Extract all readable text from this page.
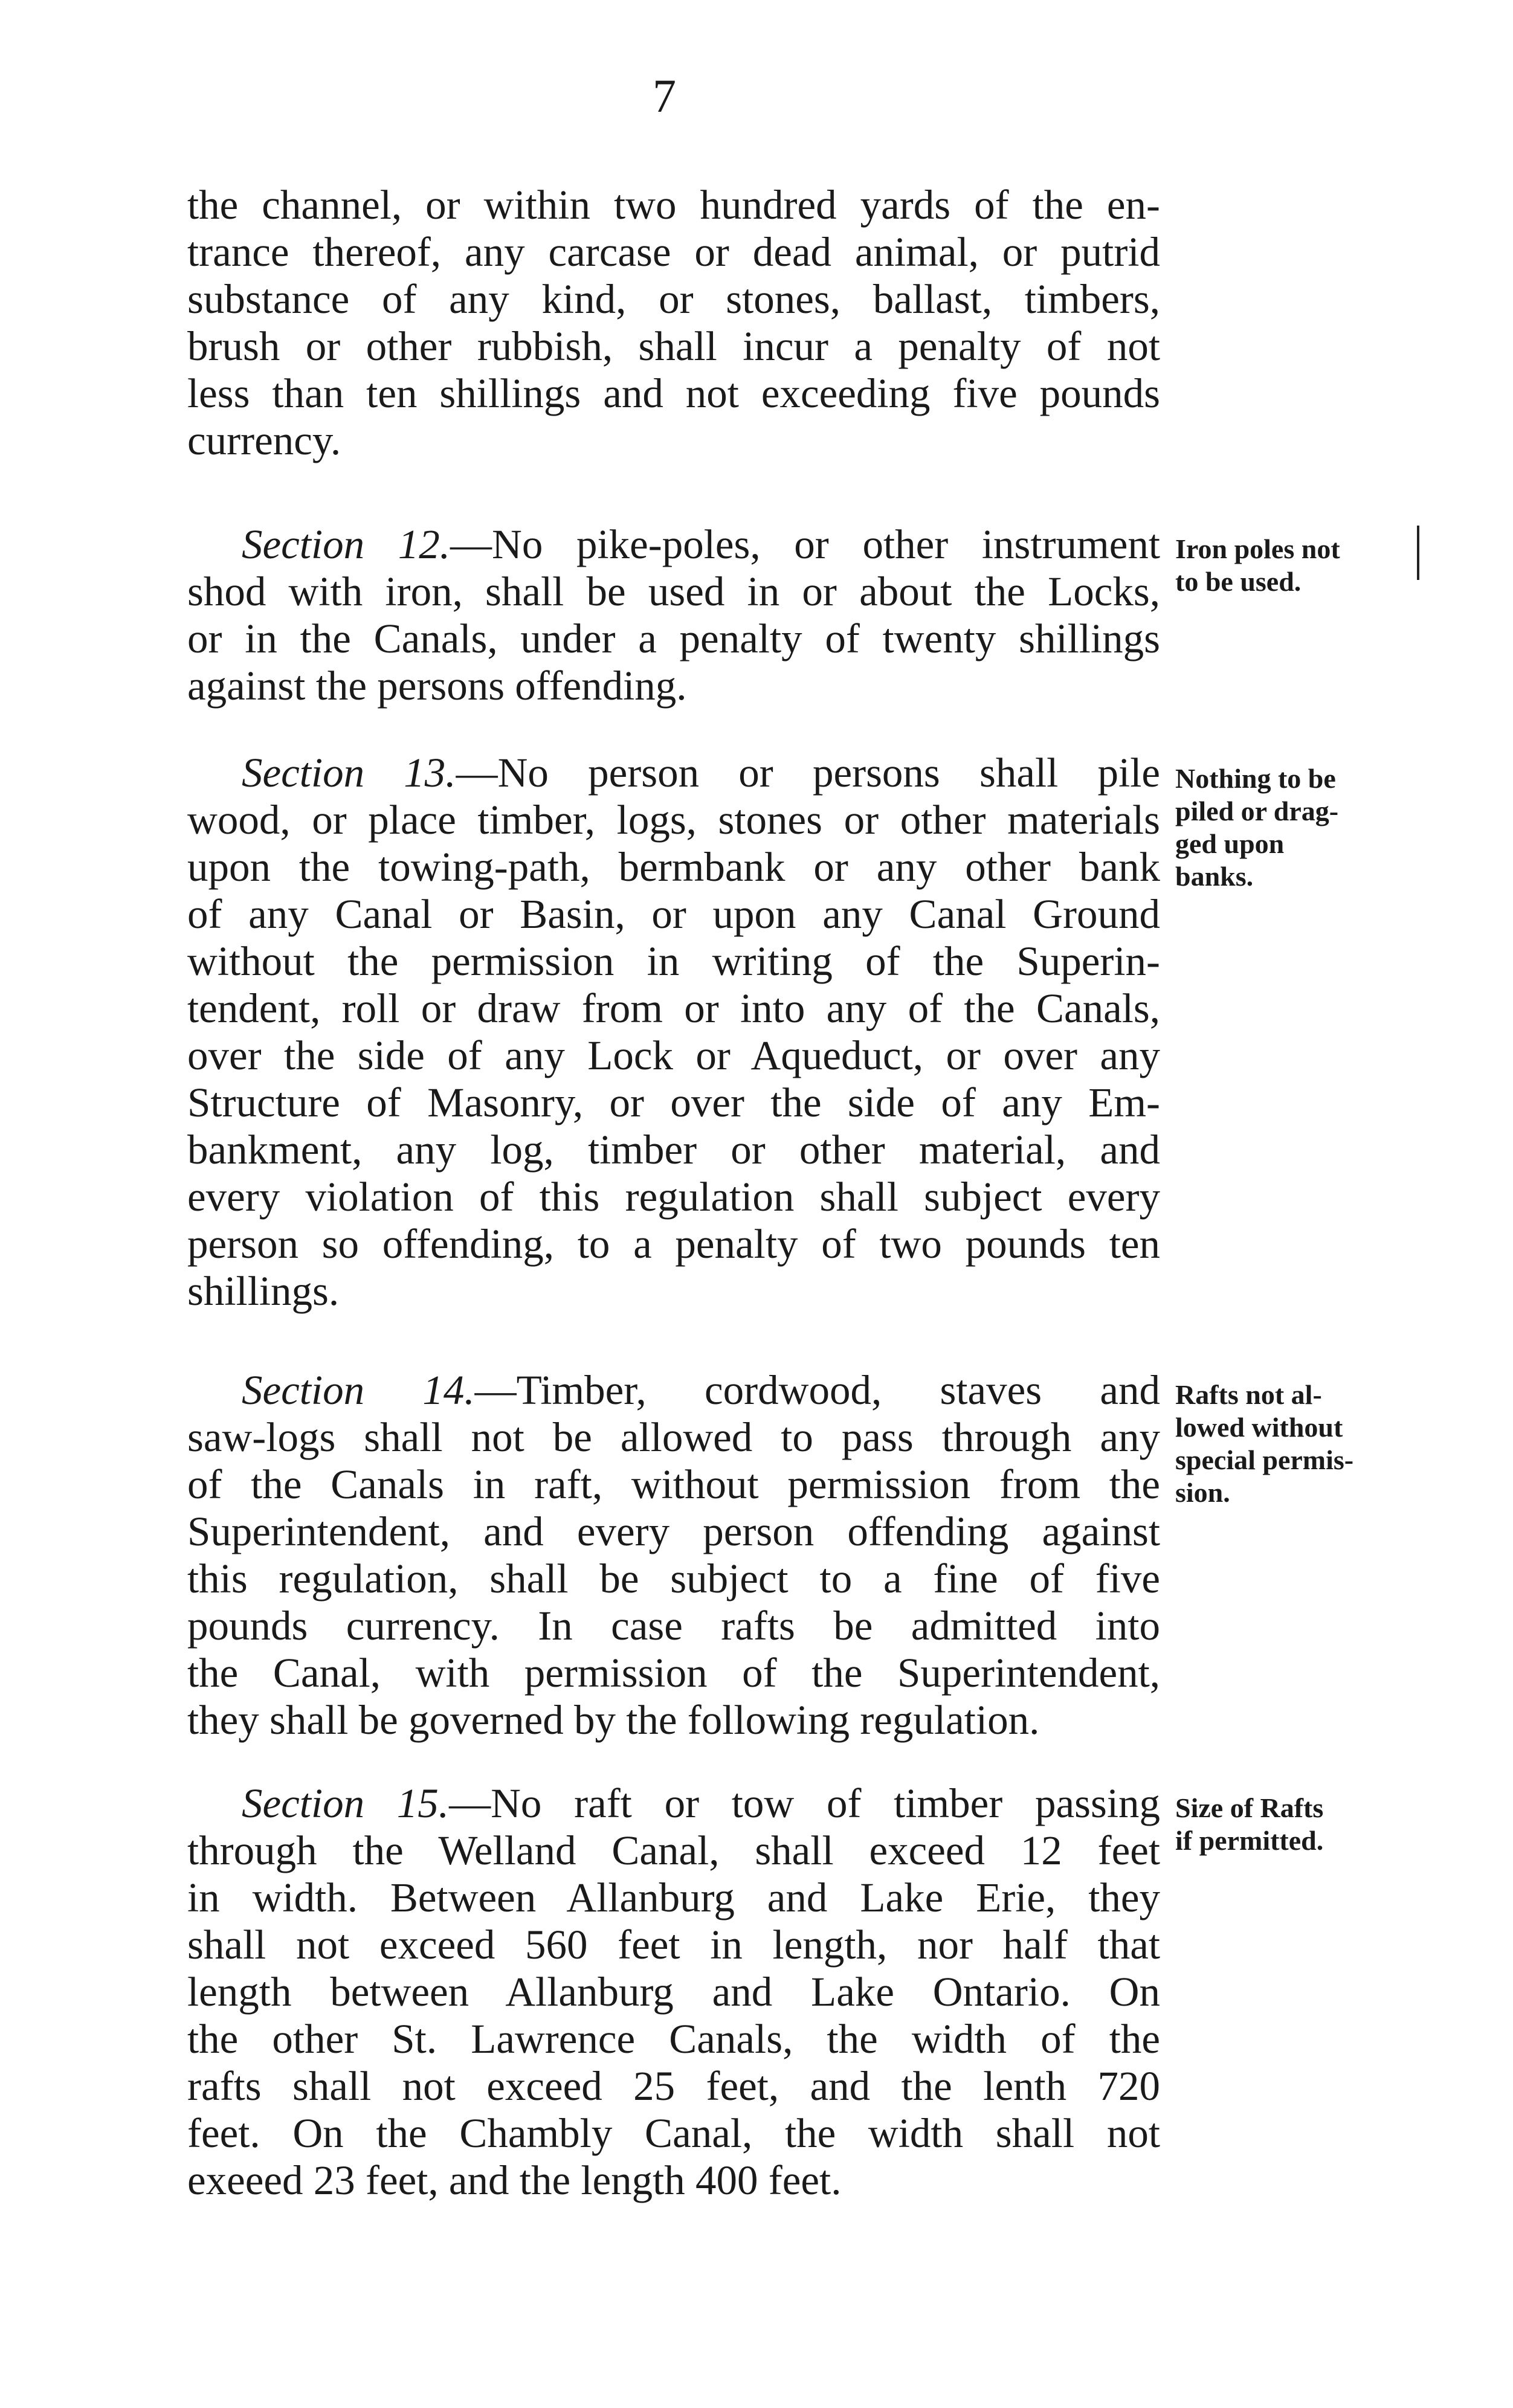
7
the channel, or within two hundred yards of the en-
trance thereof, any carcase or dead animal, or putrid
substance of any kind, or stones, ballast, timbers,
brush or other rubbish, shall incur a penalty of not
less than ten shillings and not exceeding five pounds
currency.
Section 12.—No pike-poles, or other instrument
shod with iron, shall be used in or about the Locks,
or in the Canals, under a penalty of twenty shillings
against the persons offending.
Iron poles not
to be used.
Section 13.—No person or persons shall pile
wood, or place timber, logs, stones or other materials
upon the towing-path, bermbank or any other bank
of any Canal or Basin, or upon any Canal Ground
without the permission in writing of the Superin-
tendent, roll or draw from or into any of the Canals,
over the side of any Lock or Aqueduct, or over any
Structure of Masonry, or over the side of any Em-
bankment, any log, timber or other material, and
every violation of this regulation shall subject every
person so offending, to a penalty of two pounds ten
shillings.
Nothing to be
piled or drag-
ged upon
banks.
Section 14.—Timber, cordwood, staves and
saw-logs shall not be allowed to pass through any
of the Canals in raft, without permission from the
Superintendent, and every person offending against
this regulation, shall be subject to a fine of five
pounds currency. In case rafts be admitted into
the Canal, with permission of the Superintendent,
they shall be governed by the following regulation.
Rafts not al-
lowed without
special permis-
sion.
Section 15.—No raft or tow of timber passing
through the Welland Canal, shall exceed 12 feet
in width. Between Allanburg and Lake Erie, they
shall not exceed 560 feet in length, nor half that
length between Allanburg and Lake Ontario. On
the other St. Lawrence Canals, the width of the
rafts shall not exceed 25 feet, and the lenth 720
feet. On the Chambly Canal, the width shall not
exeeed 23 feet, and the length 400 feet.
Size of Rafts
if permitted.
